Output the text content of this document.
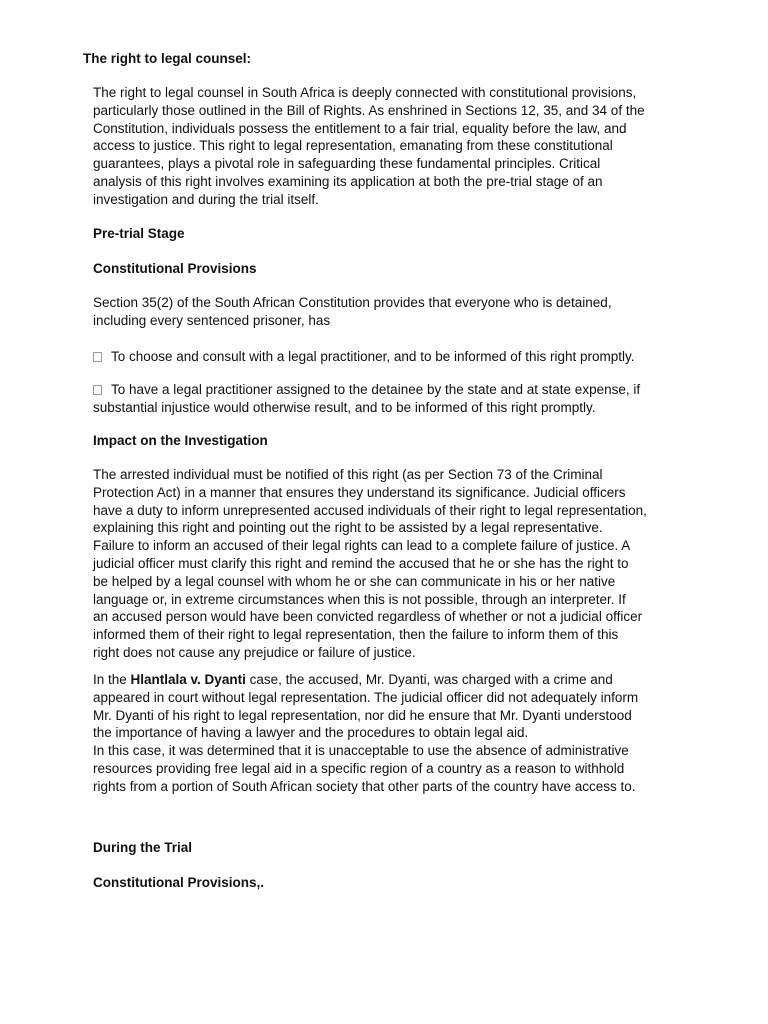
The right to legal counsel:
The right to legal counsel in South Africa is deeply connected with constitutional provisions,
particularly those outlined in the Bill of Rights. As enshrined in Sections 12, 35, and 34 of the
Constitution, individuals possess the entitlement to a fair trial, equality before the law, and
access to justice. This right to legal representation, emanating from these constitutional
guarantees, plays a pivotal role in safeguarding these fundamental principles. Critical
analysis of this right involves examining its application at both the pre-trial stage of an
investigation and during the trial itself.
Pre-trial Stage
Constitutional Provisions
Section 35(2) of the South African Constitution provides that everyone who is detained,
including every sentenced prisoner, has
To choose and consult with a legal practitioner, and to be informed of this right promptly.
To have a legal practitioner assigned to the detainee by the state and at state expense, if
substantial injustice would otherwise result, and to be informed of this right promptly.
Impact on the Investigation
The arrested individual must be notified of this right (as per Section 73 of the Criminal
Protection Act) in a manner that ensures they understand its significance. Judicial officers
have a duty to inform unrepresented accused individuals of their right to legal representation,
explaining this right and pointing out the right to be assisted by a legal representative.
Failure to inform an accused of their legal rights can lead to a complete failure of justice. A
judicial officer must clarify this right and remind the accused that he or she has the right to
be helped by a legal counsel with whom he or she can communicate in his or her native
language or, in extreme circumstances when this is not possible, through an interpreter. If
an accused person would have been convicted regardless of whether or not a judicial officer
informed them of their right to legal representation, then the failure to inform them of this
right does not cause any prejudice or failure of justice.
In the Hlantlala v. Dyanti case, the accused, Mr. Dyanti, was charged with a crime and
appeared in court without legal representation. The judicial officer did not adequately inform
Mr. Dyanti of his right to legal representation, nor did he ensure that Mr. Dyanti understood
the importance of having a lawyer and the procedures to obtain legal aid.
In this case, it was determined that it is unacceptable to use the absence of administrative
resources providing free legal aid in a specific region of a country as a reason to withhold
rights from a portion of South African society that other parts of the country have access to.
During the Trial
Constitutional Provisions,.
